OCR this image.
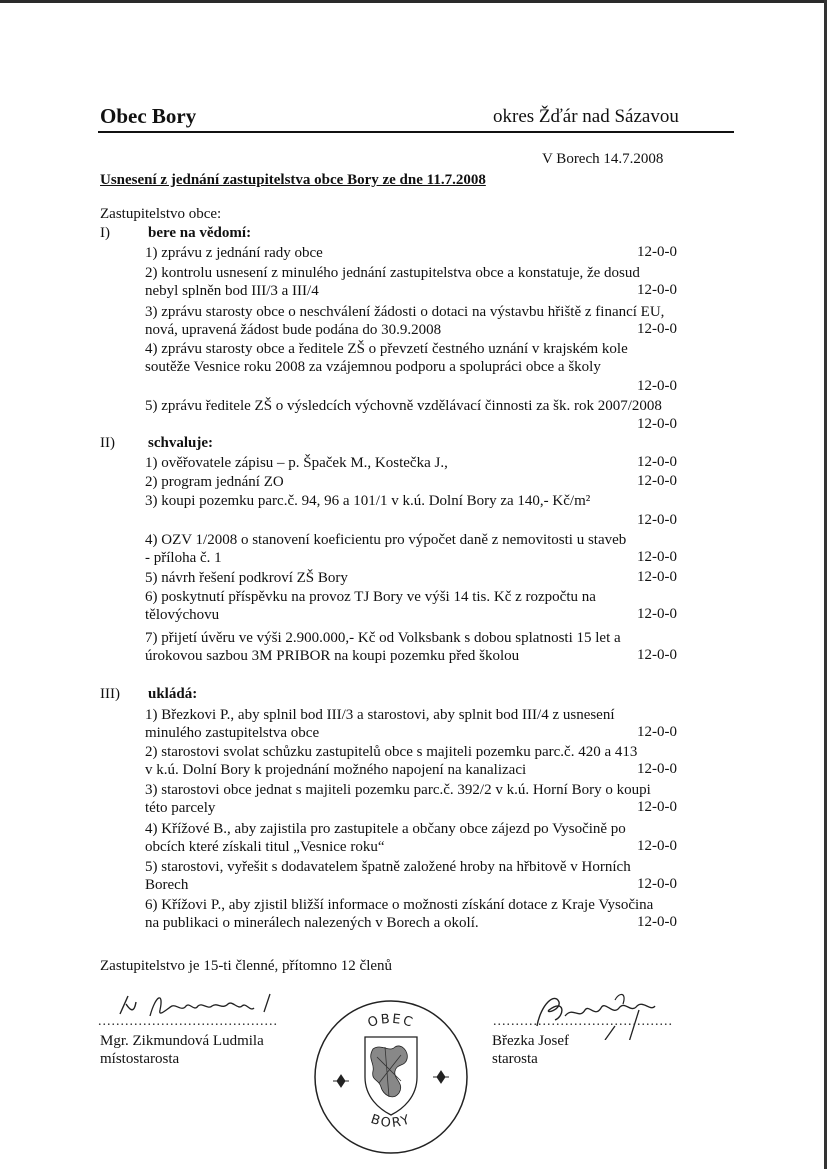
Obec Bory	okres Žďár nad Sázavou
V Borech 14.7.2008
Usnesení z jednání zastupitelstva obce Bory ze dne 11.7.2008
Zastupitelstvo obce:
I)	bere na vědomí:
1) zprávu z jednání rady obce	12-0-0
2) kontrolu usnesení z minulého jednání zastupitelstva obce a konstatuje, že dosud
nebyl splněn bod III/3 a III/4	12-0-0
3) zprávu starosty obce o neschválení žádosti o dotaci na výstavbu hřiště z financí EU,
nová, upravená žádost bude podána do 30.9.2008	12-0-0
4) zprávu starosty obce a ředitele ZŠ o převzetí čestného uznání v krajském kole
soutěže Vesnice roku 2008 za vzájemnou podporu a spolupráci obce a školy
12-0-0
5) zprávu ředitele ZŠ o výsledcích výchovně vzdělávací činnosti za šk. rok 2007/2008
12-0-0
II) schvaluje:
1) ověřovatele zápisu – p. Špaček M., Kostečka J.,	12-0-0
2) program jednání ZO	12-0-0
3) koupi pozemku parc.č. 94, 96 a 101/1 v k.ú. Dolní Bory za 140,- Kč/m²
12-0-0
4) OZV 1/2008 o stanovení koeficientu pro výpočet daně z nemovitosti u staveb
- příloha č. 1	12-0-0
5) návrh řešení podkroví ZŠ Bory	12-0-0
6) poskytnutí příspěvku na provoz TJ Bory ve výši 14 tis. Kč z rozpočtu na
tělovýchovu	12-0-0
7) přijetí úvěru ve výši 2.900.000,- Kč od Volksbank s dobou splatnosti 15 let a
úrokovou sazbou 3M PRIBOR na koupi pozemku před školou	12-0-0
III) ukládá:
1) Březkovi P., aby splnil bod III/3 a starostovi, aby splnit bod III/4 z usnesení
minulého zastupitelstva obce	12-0-0
2) starostovi svolat schůzku zastupitelů obce s majiteli pozemku parc.č. 420 a 413
v k.ú. Dolní Bory k projednání možného napojení na kanalizaci	12-0-0
3) starostovi obce jednat s majiteli pozemku parc.č. 392/2 v k.ú. Horní Bory o koupi
této parcely	12-0-0
4) Křížové B., aby zajistila pro zastupitele a občany obce zájezd po Vysočině po
obcích které získali titul „Vesnice roku“	12-0-0
5) starostovi, vyřešit s dodavatelem špatně založené hroby na hřbitově v Horních
Borech	12-0-0
6) Křížovi P., aby zjistil bližší informace o možnosti získání dotace z Kraje Vysočina
na publikaci o minerálech nalezených v Borech a okolí.	12-0-0
Zastupitelstvo je 15-ti členné, přítomno 12 členů
........................................
Mgr. Zikmundová Ludmila
místostarosta
OBEC
BORY
........................................
Březka Josef
starosta
